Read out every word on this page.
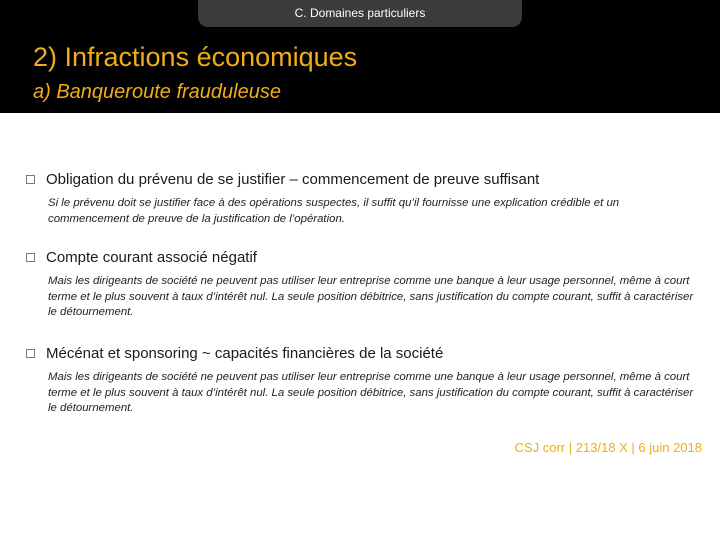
C. Domaines particuliers
2) Infractions économiques
a) Banqueroute frauduleuse
Obligation du prévenu de se justifier – commencement de preuve suffisant
Si le prévenu doit se justifier face à des opérations suspectes, il suffit qu’il fournisse une explication crédible et un commencement de preuve de la justification de l’opération.
Compte courant associé négatif
Mais les dirigeants de société ne peuvent pas utiliser leur entreprise comme une banque à leur usage personnel, même à court terme et le plus souvent à taux d’intérêt nul. La seule position débitrice, sans justification du compte courant, suffit à caractériser le détournement.
Mécénat et sponsoring ~ capacités financières de la société
Mais les dirigeants de société ne peuvent pas utiliser leur entreprise comme une banque à leur usage personnel, même à court terme et le plus souvent à taux d’intérêt nul. La seule position débitrice, sans justification du compte courant, suffit à caractériser le détournement.
CSJ corr | 213/18 X | 6 juin 2018
